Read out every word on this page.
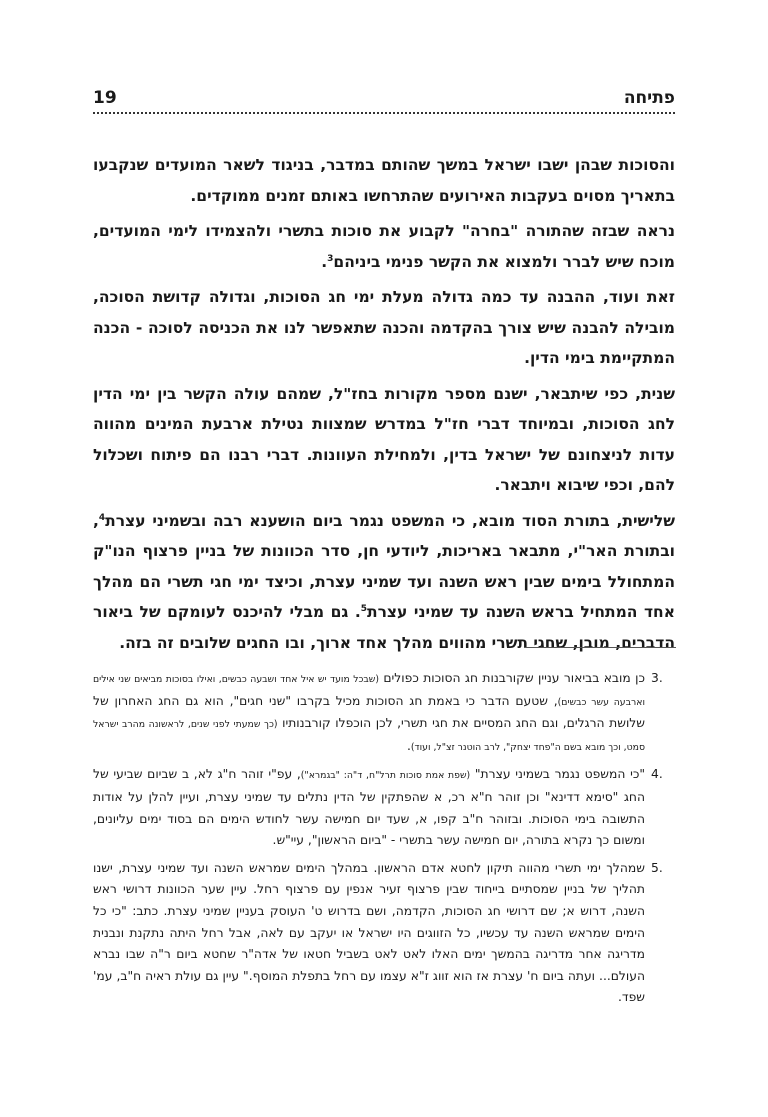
פתיחה
19

והסוכות שבהן ישבו ישראל במשך שהותם במדבר, בניגוד לשאר המועדים שנקבעו בתאריך מסוים בעקבות האירועים שהתרחשו באותם זמנים ממוקדים.

נראה שבזה שהתורה "בחרה" לקבוע את סוכות בתשרי ולהצמידו לימי המועדים, מוכח שיש לברר ולמצוא את הקשר פנימי ביניהם$^3$.

זאת ועוד, ההבנה עד כמה גדולה מעלת ימי חג הסוכות, וגדולה קדושת הסוכה, מובילה להבנה שיש צורך בהקדמה והכנה שתאפשר לנו את הכניסה לסוכה - הכנה המתקיימת בימי הדין.

שנית, כפי שיתבאר, ישנם מספר מקורות בחז"ל, שמהם עולה הקשר בין ימי הדין לחג הסוכות, ובמיוחד דברי חז"ל במדרש שמצוות נטילת ארבעת המינים מהווה עדות לניצחונם של ישראל בדין, ולמחילת העוונות. דברי רבנו הם פיתוח ושכלול להם, וכפי שיבוא ויתבאר.

שלישית, בתורת הסוד מובא, כי המשפט נגמר ביום הושענא רבה ובשמיני עצרת$^4$, ובתורת האר"י, מתבאר באריכות, ליודעי חן, סדר הכוונות של בניין פרצוף הנו"ק המתחולל בימים שבין ראש השנה ועד שמיני עצרת, וכיצד ימי חגי תשרי הם מהלך אחד המתחיל בראש השנה עד שמיני עצרת$^5$. גם מבלי להיכנס לעומקם של ביאור הדברים, מובן, שחגי תשרי מהווים מהלך אחד ארוך, ובו החגים שלובים זה בזה.

3.
כן מובא בביאור עניין שקורבנות חג הסוכות כפולים (שבכל מועד יש איל אחד ושבעה כבשים, ואילו בסוכות מביאים שני אילים וארבעה עשר כבשים), שטעם הדבר כי באמת חג הסוכות מכיל בקרבו "שני חגים", הוא גם החג האחרון של שלושת הרגלים, וגם החג המסיים את חגי תשרי, לכן הוכפלו קורבנותיו (כך שמעתי לפני שנים, לראשונה מהרב ישראל סמט, וכך מובא בשם ה"פחד יצחק", לרב הוטנר זצ"ל, ועוד).
4.
"כי המשפט נגמר בשמיני עצרת" (שפת אמת סוכות תרל"ח, ד"ה: "בגמרא"), עפ"י זוהר ח"ג לא, ב שביום שביעי של החג "סימא דדינא" וכן זוהר ח"א רכ, א שהפתקין של הדין נתלים עד שמיני עצרת, ועיין להלן על אודות התשובה בימי הסוכות. ובזוהר ח"ב קפו, א, שעד יום חמישה עשר לחודש הימים הם בסוד ימים עליונים, ומשום כך נקרא בתורה, יום חמישה עשר בתשרי - "ביום הראשון", עיי"ש.
5.
שמהלך ימי תשרי מהווה תיקון לחטא אדם הראשון. במהלך הימים שמראש השנה ועד שמיני עצרת, ישנו תהליך של בניין שמסתיים בייחוד שבין פרצוף זעיר אנפין עם פרצוף רחל. עיין שער הכוונות דרושי ראש השנה, דרוש א; שם דרושי חג הסוכות, הקדמה, ושם בדרוש ט' העוסק בעניין שמיני עצרת. כתב: "כי כל הימים שמראש השנה עד עכשיו, כל הזווגים היו ישראל או יעקב עם לאה, אבל רחל היתה נתקנת ונבנית מדריגה אחר מדריגה בהמשך ימים האלו לאט לאט בשביל חטאו של אדה"ר שחטא ביום ר"ה שבו נברא העולם... ועתה ביום ח' עצרת אז הוא זווג ז"א עצמו עם רחל בתפלת המוסף." עיין גם עולת ראיה ח"ב, עמ' שפד.
